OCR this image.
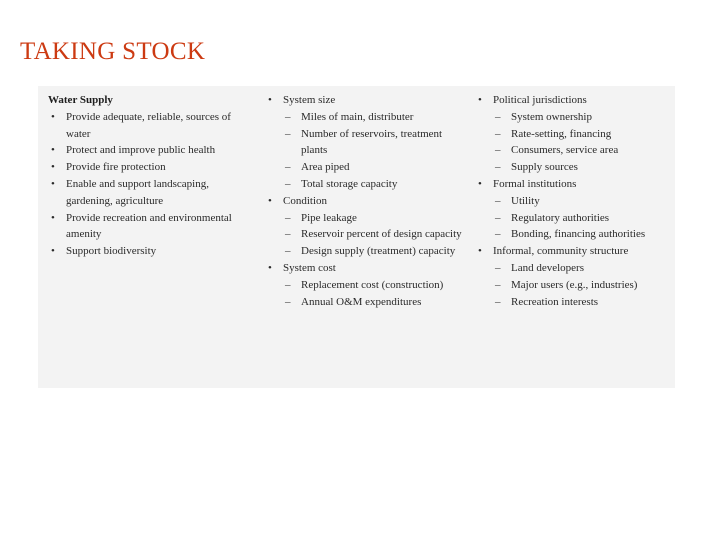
TAKING STOCK
Water Supply
• Provide adequate, reliable, sources of water
• Protect and improve public health
• Provide fire protection
• Enable and support landscaping, gardening, agriculture
• Provide recreation and environmental amenity
• Support biodiversity
• System size
– Miles of main, distributer
– Number of reservoirs, treatment plants
– Area piped
– Total storage capacity
• Condition
– Pipe leakage
– Reservoir percent of design capacity
– Design supply (treatment) capacity
• System cost
– Replacement cost (construction)
– Annual O&M expenditures
• Political jurisdictions
– System ownership
– Rate-setting, financing
– Consumers, service area
– Supply sources
• Formal institutions
– Utility
– Regulatory authorities
– Bonding, financing authorities
• Informal, community structure
– Land developers
– Major users (e.g., industries)
– Recreation interests
